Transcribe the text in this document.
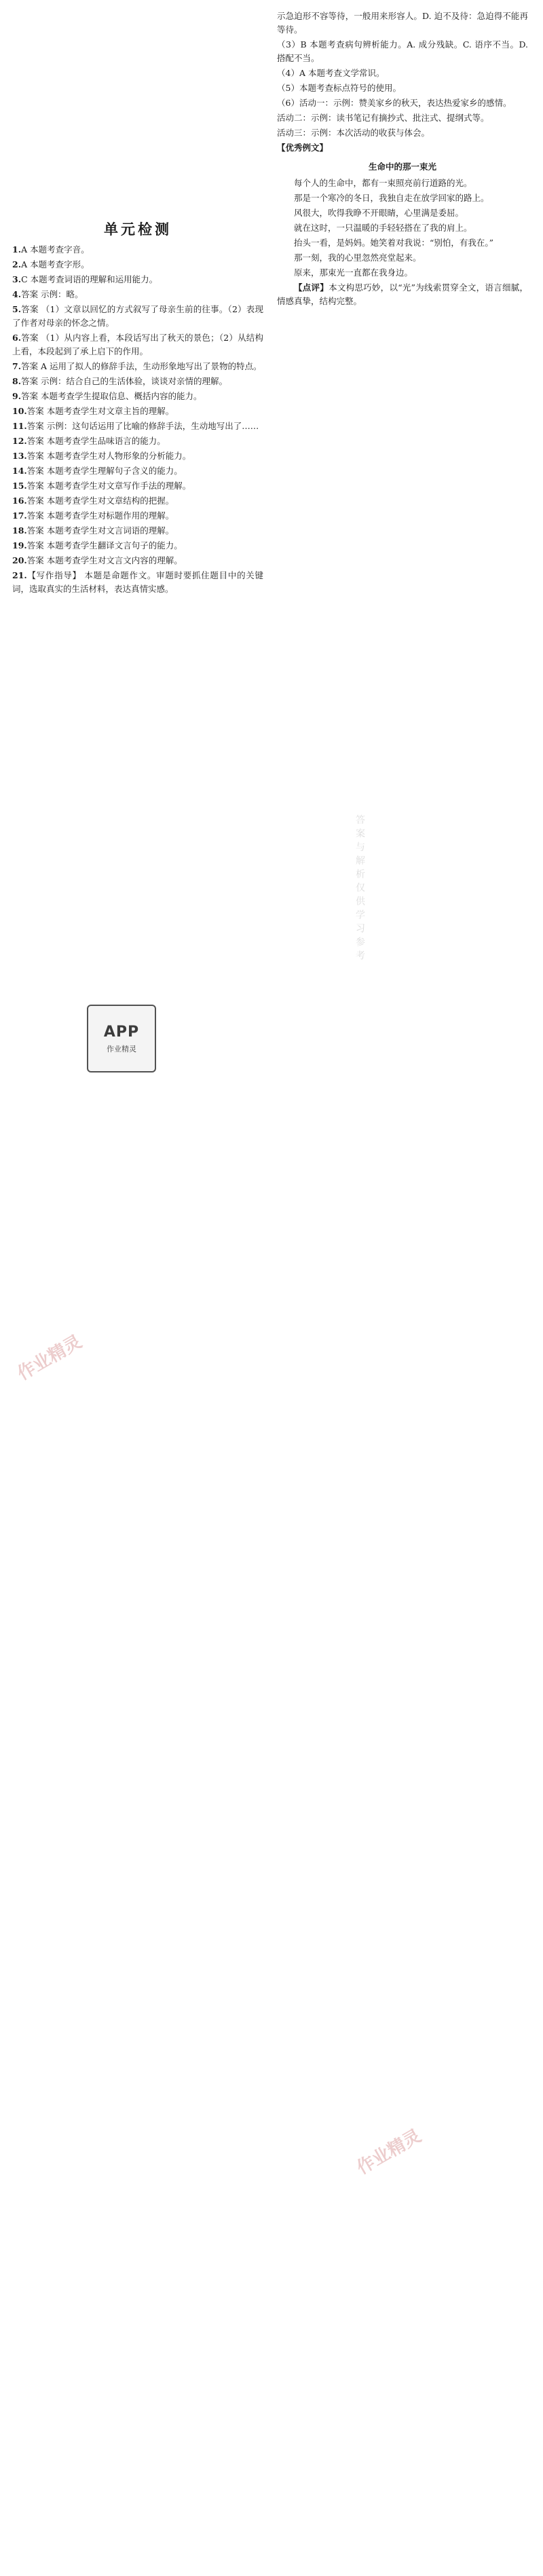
单元检测

1.A 本题考查字音。

2.A 本题考查字形。

3.C 本题考查词语的理解和运用能力。

4.答案 示例：略。

5.答案 （1）文章以回忆的方式叙写了母亲生前的往事。（2）表现了作者对母亲的怀念之情。

6.答案 （1）从内容上看，本段话写出了秋天的景色；（2）从结构上看，本段起到了承上启下的作用。

7.答案 A 运用了拟人的修辞手法，生动形象地写出了景物的特点。

8.答案 示例：结合自己的生活体验，谈谈对亲情的理解。

9.答案 本题考查学生提取信息、概括内容的能力。

10.答案 本题考查学生对文章主旨的理解。

11.答案 示例：这句话运用了比喻的修辞手法，生动地写出了……

12.答案 本题考查学生品味语言的能力。

13.答案 本题考查学生对人物形象的分析能力。

14.答案 本题考查学生理解句子含义的能力。

15.答案 本题考查学生对文章写作手法的理解。

16.答案 本题考查学生对文章结构的把握。

17.答案 本题考查学生对标题作用的理解。

18.答案 本题考查学生对文言词语的理解。

19.答案 本题考查学生翻译文言句子的能力。

20.答案 本题考查学生对文言文内容的理解。

21.【写作指导】 本题是命题作文。审题时要抓住题目中的关键词，选取真实的生活材料，表达真情实感。

示急迫形不容等待，一般用来形容人。D. 迫不及待：急迫得不能再等待。

（3）B 本题考查病句辨析能力。A. 成分残缺。C. 语序不当。D. 搭配不当。

（4）A 本题考查文学常识。

（5）本题考查标点符号的使用。

（6）活动一：示例：赞美家乡的秋天，表达热爱家乡的感情。

活动二：示例：读书笔记有摘抄式、批注式、提纲式等。

活动三：示例：本次活动的收获与体会。

【优秀例文】
生命中的那一束光

每个人的生命中，都有一束照亮前行道路的光。

那是一个寒冷的冬日，我独自走在放学回家的路上。

风很大，吹得我睁不开眼睛，心里满是委屈。

就在这时，一只温暖的手轻轻搭在了我的肩上。

抬头一看，是妈妈。她笑着对我说：“别怕，有我在。”

那一刻，我的心里忽然亮堂起来。

原来，那束光一直都在我身边。

【点评】本文构思巧妙，以“光”为线索贯穿全文，语言细腻，情感真挚，结构完整。

APP
作业精灵
作业精灵
作业精灵
答案与解析仅供学习参考
